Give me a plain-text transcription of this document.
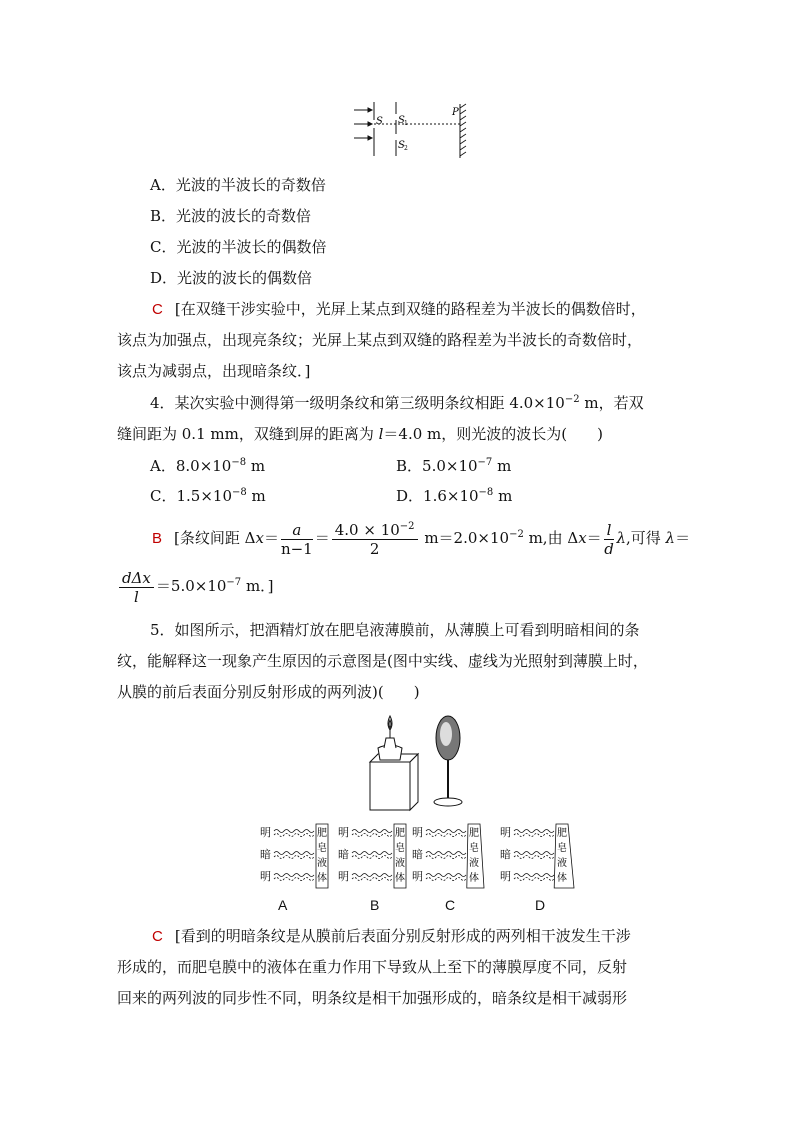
S S 1
S 2
P
A．光波的半波长的奇数倍
B．光波的波长的奇数倍
C．光波的半波长的偶数倍
D．光波的波长的偶数倍
C [在双缝干涉实验中，光屏上某点到双缝的路程差为半波长的偶数倍时，
该点为加强点，出现亮条纹；光屏上某点到双缝的路程差为半波长的奇数倍时，
该点为减弱点，出现暗条纹．]
4．某次实验中测得第一级明条纹和第三级明条纹相距 $4.0\times 10^{-2}$ m，若双
缝间距为 0.1 mm，双缝到屏的距离为 l＝4.0 m，则光波的波长为(　　)
A．$8.0\times 10^{-8}$ m	B．$5.0\times 10^{-7}$ m
C．$1.5\times 10^{-8}$ m	D．$1.6\times 10^{-8}$ m
B [条纹间距 $\Delta x= \frac{a}{n-1} = \frac{4.0 \times 10^{-2}}{2} m=2.0\times 10^{-2}$ m,由 $\Delta x= \frac{l}{d} \lambda$,可得 λ＝
$\frac{\text{dΔx}}{l} =5.0\times 10^{-7}$ m．]
5．如图所示，把酒精灯放在肥皂液薄膜前，从薄膜上可看到明暗相间的条
纹，能解释这一现象产生原因的示意图是(图中实线、虚线为光照射到薄膜上时，
从膜的前后表面分别反射形成的两列波)(　　)
明
暗
明
肥
皂
液
体
明
暗
明
肥
皂
液
体
明
暗
明
肥
皂
液
体
明
暗
明
肥
皂
液
体
A	B	C	D
C [看到的明暗条纹是从膜前后表面分别反射形成的两列相干波发生干涉
形成的，而肥皂膜中的液体在重力作用下导致从上至下的薄膜厚度不同，反射
回来的两列波的同步性不同，明条纹是相干加强形成的，暗条纹是相干减弱形
